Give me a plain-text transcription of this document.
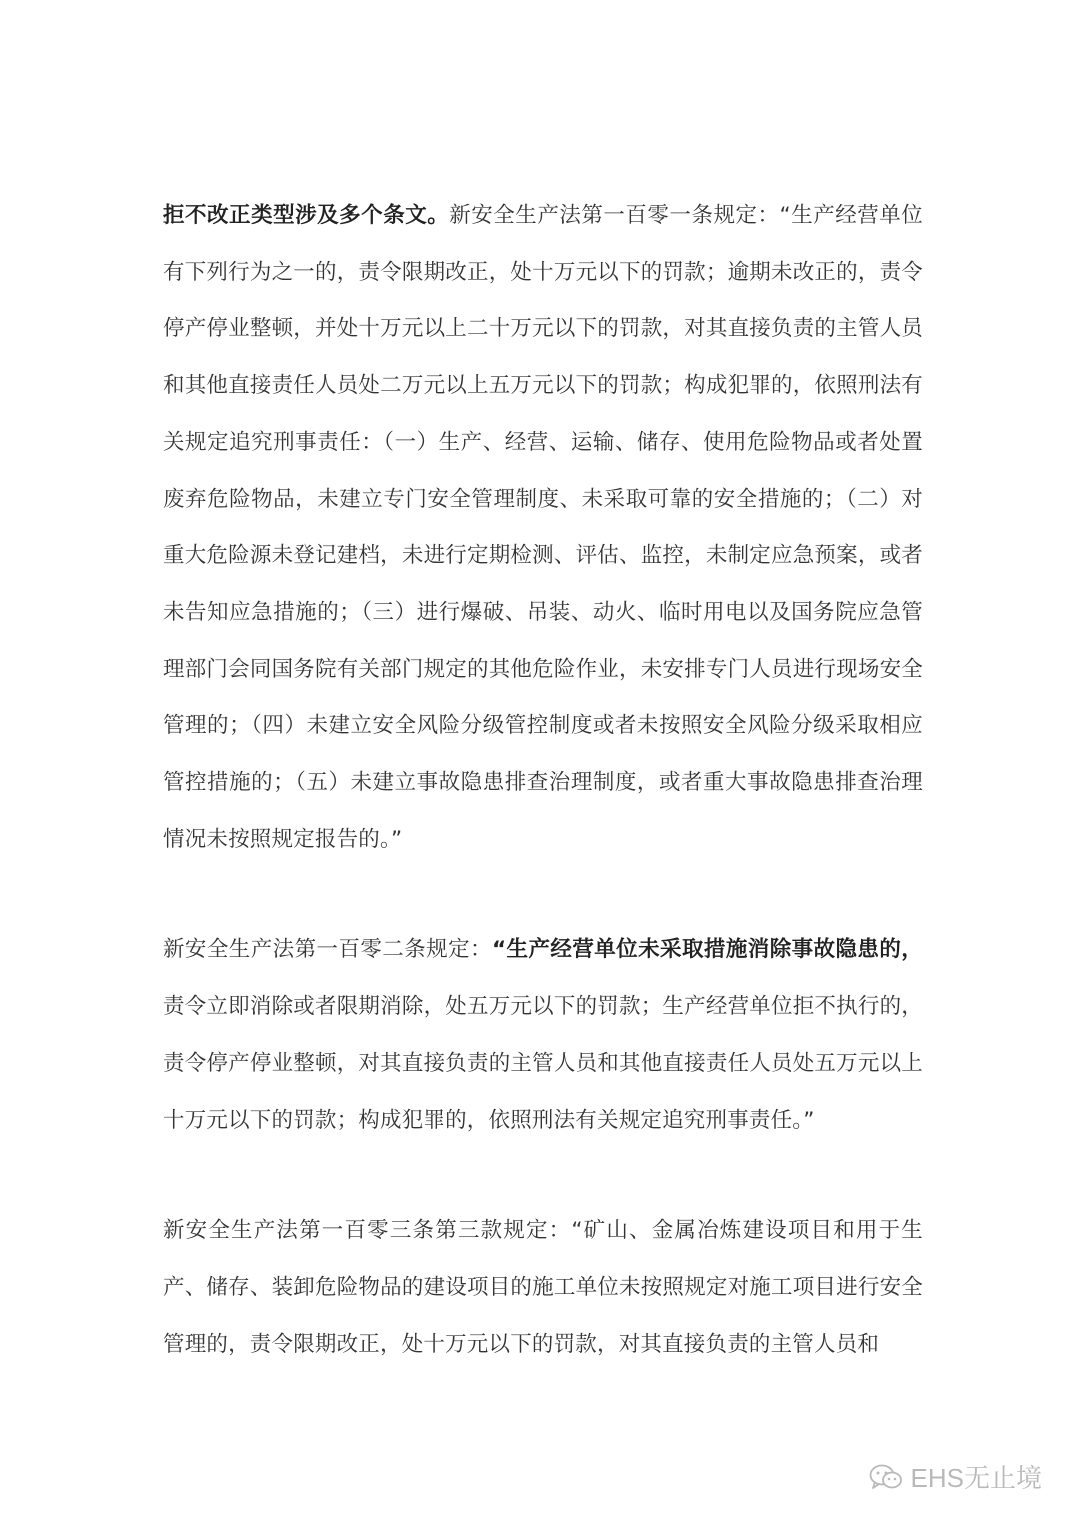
拒不改正类型涉及多个条文。新安全生产法第一百零一条规定：“生产经营单位有下列行为之一的，责令限期改正，处十万元以下的罚款；逾期未改正的，责令停产停业整顿，并处十万元以上二十万元以下的罚款，对其直接负责的主管人员和其他直接责任人员处二万元以上五万元以下的罚款；构成犯罪的，依照刑法有关规定追究刑事责任：（一）生产、经营、运输、储存、使用危险物品或者处置废弃危险物品，未建立专门安全管理制度、未采取可靠的安全措施的；（二）对重大危险源未登记建档，未进行定期检测、评估、监控，未制定应急预案，或者未告知应急措施的；（三）进行爆破、吊装、动火、临时用电以及国务院应急管理部门会同国务院有关部门规定的其他危险作业，未安排专门人员进行现场安全管理的；（四）未建立安全风险分级管控制度或者未按照安全风险分级采取相应管控措施的；（五）未建立事故隐患排查治理制度，或者重大事故隐患排查治理情况未按照规定报告的。”

新安全生产法第一百零二条规定：“生产经营单位未采取措施消除事故隐患的，责令立即消除或者限期消除，处五万元以下的罚款；生产经营单位拒不执行的，责令停产停业整顿，对其直接负责的主管人员和其他直接责任人员处五万元以上十万元以下的罚款；构成犯罪的，依照刑法有关规定追究刑事责任。”

新安全生产法第一百零三条第三款规定：“矿山、金属冶炼建设项目和用于生产、储存、装卸危险物品的建设项目的施工单位未按照规定对施工项目进行安全管理的，责令限期改正，处十万元以下的罚款，对其直接负责的主管人员和

EHS无止境
